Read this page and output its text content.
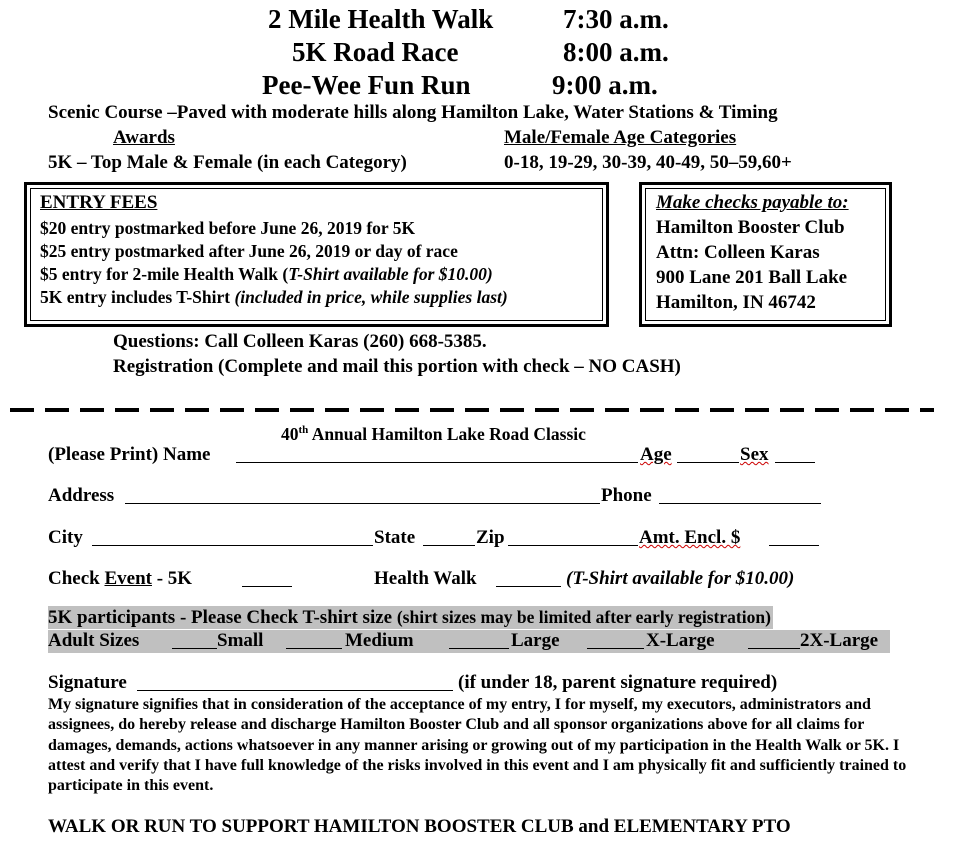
2 Mile Health Walk	7:30 a.m.
5K Road Race	8:00 a.m.
Pee-Wee Fun Run	9:00 a.m.
Scenic Course –Paved with moderate hills along Hamilton Lake, Water Stations & Timing
Awards	Male/Female Age Categories
5K – Top Male & Female (in each Category)	0-18, 19-29, 30-39, 40-49, 50–59,60+
ENTRY FEES
$20 entry postmarked before June 26, 2019 for 5K
$25 entry postmarked after June 26, 2019 or day of race
$5 entry for 2-mile Health Walk (T-Shirt available for $10.00)
5K entry includes T-Shirt (included in price, while supplies last)
Make checks payable to:
Hamilton Booster Club
Attn: Colleen Karas
900 Lane 201 Ball Lake
Hamilton, IN 46742
Questions: Call Colleen Karas (260) 668-5385.
Registration (Complete and mail this portion with check – NO CASH)
40th Annual Hamilton Lake Road Classic
(Please Print) Name	Age	Sex
Address	Phone
City	State	Zip	Amt. Encl. $
Check Event - 5K	Health Walk	(T-Shirt available for $10.00)
5K participants - Please Check T-shirt size (shirt sizes may be limited after early registration)
Adult Sizes	Small	Medium	Large	X-Large	2X-Large
Signature	(if under 18, parent signature required)
My signature signifies that in consideration of the acceptance of my entry, I for myself, my executors, administrators and assignees, do hereby release and discharge Hamilton Booster Club and all sponsor organizations above for all claims for damages, demands, actions whatsoever in any manner arising or growing out of my participation in the Health Walk or 5K. I attest and verify that I have full knowledge of the risks involved in this event and I am physically fit and sufficiently trained to participate in this event.
WALK OR RUN TO SUPPORT HAMILTON BOOSTER CLUB and ELEMENTARY PTO
